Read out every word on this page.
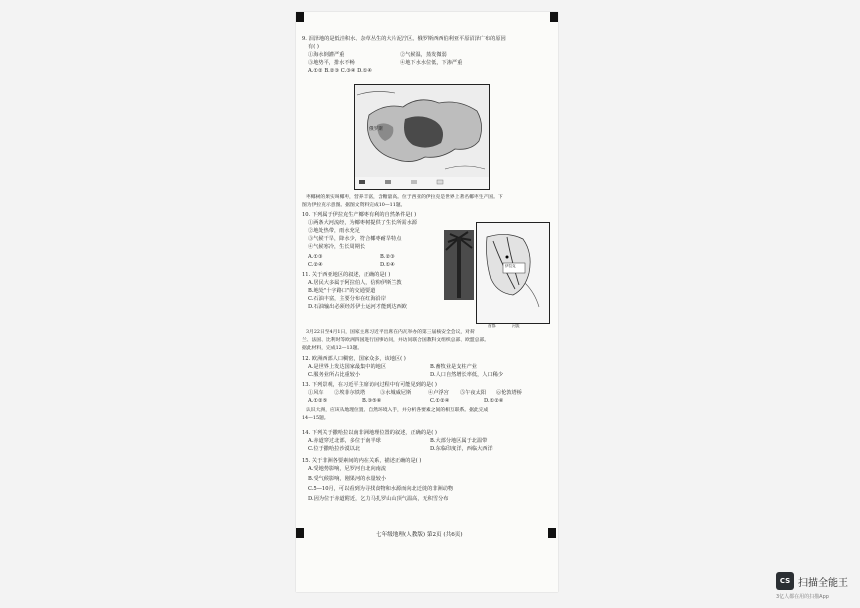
9. 泪泽地的是低洼积水、杂草丛生的大片泥泞区。俄罗斯西西伯利亚平原沼泽广布的原因
有( )
①海水倒灌严重	②气候温，蒸发微弱
③地势平，排水不畅	④地下水水位低，下渗严重
A.①② B.②③ C.③④ D.①④
俄罗斯
枣椰树的果实叫椰枣，营养丰富，含糖量高。位于西亚的伊拉克是世界上著名椰枣生产国。下
图为伊拉克示意图。据图文资料完成10—11题。
10. 下列属于伊拉克生产椰枣有利的自然条件是( )
①两条大河流经，为椰枣树提供了生长所需水源
②地处热带，雨水充足
③气候干旱，降水少，符合椰枣耐旱特点
④气候寒冷，生长周期长
A.①③	B.②③
C.②④	D.①④	伊拉克
首都	河流
11. 关于西亚地区的叙述，正确的是( )
A.居民大多属于阿拉伯人，信仰伊斯兰教
B.地处"十字路口"的交通要道
C.石油丰富，主要分布在红海沿岸
D.石油输出必须经苏伊士运河才能到达西欧
3月22日至4月1日，国家主席习近平出席在内瓦举办的第三届核安全会议，对荷
兰、法国、比利时等欧洲四国进行国事访问，并访问联合国教科文组织总部、欧盟总部。
据此材料，完成12—13题。
12. 欧洲西部人口稠密，国家众多，该地区( )
A.是世界上发达国家最集中的地区	B.畜牧业是支柱产业
C.服务业所占比重较小	D.人口自然增长率低，人口稀少
13. 下列景观，在习近平主席访问过程中有可能见到的是( )
①风车 ②埃菲尔铁塔	③水城威尼斯	④卢浮宫 ⑤午夜太阳 ⑥伦敦塔桥
A.①②⑤	B.③⑤⑥	C.①②④	D.①②⑥
认识大洲，应该从地理位置、自然环境入手，并分析各要素之间的相互联系。据此完成
14—15题。
14. 下列关于撒哈拉以南非洲地理位置的叙述，正确的是( )
A.赤道穿过北部，多位于南半球	B.大部分地区属于北温带
C.位于撒哈拉沙漠以北	D.东临印度洋，西临大西洋
15. 关于非洲各要素间的内在关系，描述正确的是( )
A.受地势影响，尼罗河自北向南流
B.受气候影响，刚果河的水量较小
C.5—10月，可以看到为寻找食物和水源而向北迁徙的非洲动物
D.因为位于赤道附近，乞力马扎罗山山顶气温高，无积雪分布
七年级地理(人教版) 第2页 (共6页)
CS 扫描全能王
3亿人都在用的扫描App
